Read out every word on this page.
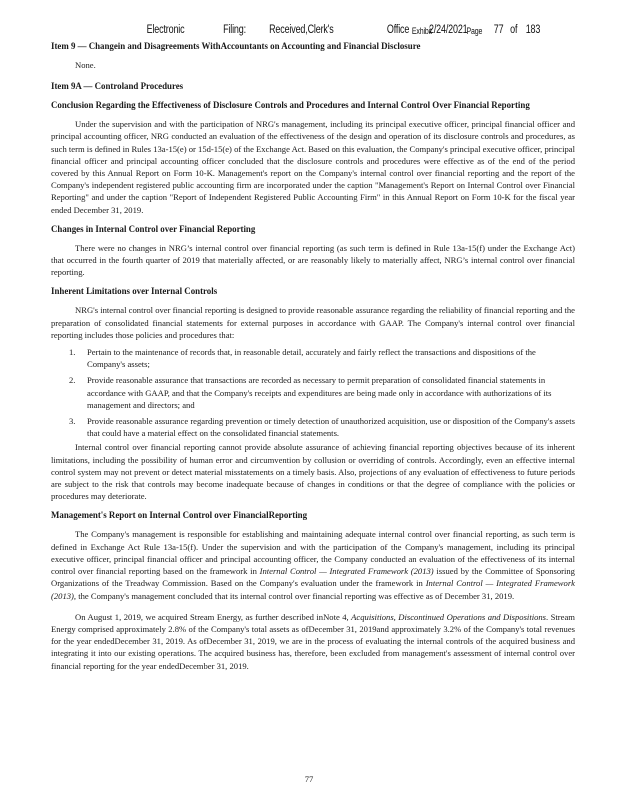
Electronic	Filing: Received,Clerk's	Office Exhibit
2/24/2021
Page 77 of 183

Item 9 — Changein and Disagreements WithAccountants on Accounting and Financial Disclosure

None.

Item 9A — Controland Procedures

Conclusion Regarding the Effectiveness of Disclosure Controls and Procedures and Internal Control Over Financial Reporting

Under the supervision and with the participation of NRG's management, including its principal executive officer, principal financial officer and principal accounting officer, NRG conducted an evaluation of the effectiveness of the design and operation of its disclosure controls and procedures, as such term is defined in Rules 13a-15(e) or 15d-15(e) of the Exchange Act. Based on this evaluation, the Company's principal executive officer, principal financial officer and principal accounting officer concluded that the disclosure controls and procedures were effective as of the end of the period covered by this Annual Report on Form 10-K. Management's report on the Company's internal control over financial reporting and the report of the Company's independent registered public accounting firm are incorporated under the caption "Management's Report on Internal Control over Financial Reporting" and under the caption "Report of Independent Registered Public Accounting Firm" in this Annual Report on Form 10-K for the fiscal year ended December 31, 2019.

Changes in Internal Control over Financial Reporting

There were no changes in NRG’s internal control over financial reporting (as such term is defined in Rule 13a-15(f) under the Exchange Act) that occurred in the fourth quarter of 2019 that materially affected, or are reasonably likely to materially affect, NRG’s internal control over financial reporting.

Inherent Limitations over Internal Controls

NRG's internal control over financial reporting is designed to provide reasonable assurance regarding the reliability of financial reporting and the preparation of consolidated financial statements for external purposes in accordance with GAAP. The Company's internal control over financial reporting includes those policies and procedures that:

1. Pertain to the maintenance of records that, in reasonable detail, accurately and fairly reflect the transactions and dispositions of the Company's assets;
2. Provide reasonable assurance that transactions are recorded as necessary to permit preparation of consolidated financial statements in accordance with GAAP, and that the Company's receipts and expenditures are being made only in accordance with authorizations of its management and directors; and
3. Provide reasonable assurance regarding prevention or timely detection of unauthorized acquisition, use or disposition of the Company's assets that could have a material effect on the consolidated financial statements.

Internal control over financial reporting cannot provide absolute assurance of achieving financial reporting objectives because of its inherent limitations, including the possibility of human error and circumvention by collusion or overriding of controls. Accordingly, even an effective internal control system may not prevent or detect material misstatements on a timely basis. Also, projections of any evaluation of effectiveness to future periods are subject to the risk that controls may become inadequate because of changes in conditions or that the degree of compliance with the policies or procedures may deteriorate.

Management's Report on Internal Control over FinancialReporting

The Company's management is responsible for establishing and maintaining adequate internal control over financial reporting, as such term is defined in Exchange Act Rule 13a-15(f). Under the supervision and with the participation of the Company's management, including its principal executive officer, principal financial officer and principal accounting officer, the Company conducted an evaluation of the effectiveness of its internal control over financial reporting based on the framework in Internal Control — Integrated Framework (2013) issued by the Committee of Sponsoring Organizations of the Treadway Commission. Based on the Company's evaluation under the framework in Internal Control — Integrated Framework (2013), the Company's management concluded that its internal control over financial reporting was effective as of December 31, 2019.

On August 1, 2019, we acquired Stream Energy, as further described inNote 4, Acquisitions, Discontinued Operations and Dispositions. Stream Energy comprised approximately 2.8% of the Company's total assets as ofDecember 31, 2019and approximately 3.2% of the Company's total revenues for the year endedDecember 31, 2019. As ofDecember 31, 2019, we are in the process of evaluating the internal controls of the acquired business and integrating it into our existing operations. The acquired business has, therefore, been excluded from management's assessment of internal control over financial reporting for the year endedDecember 31, 2019.

77
